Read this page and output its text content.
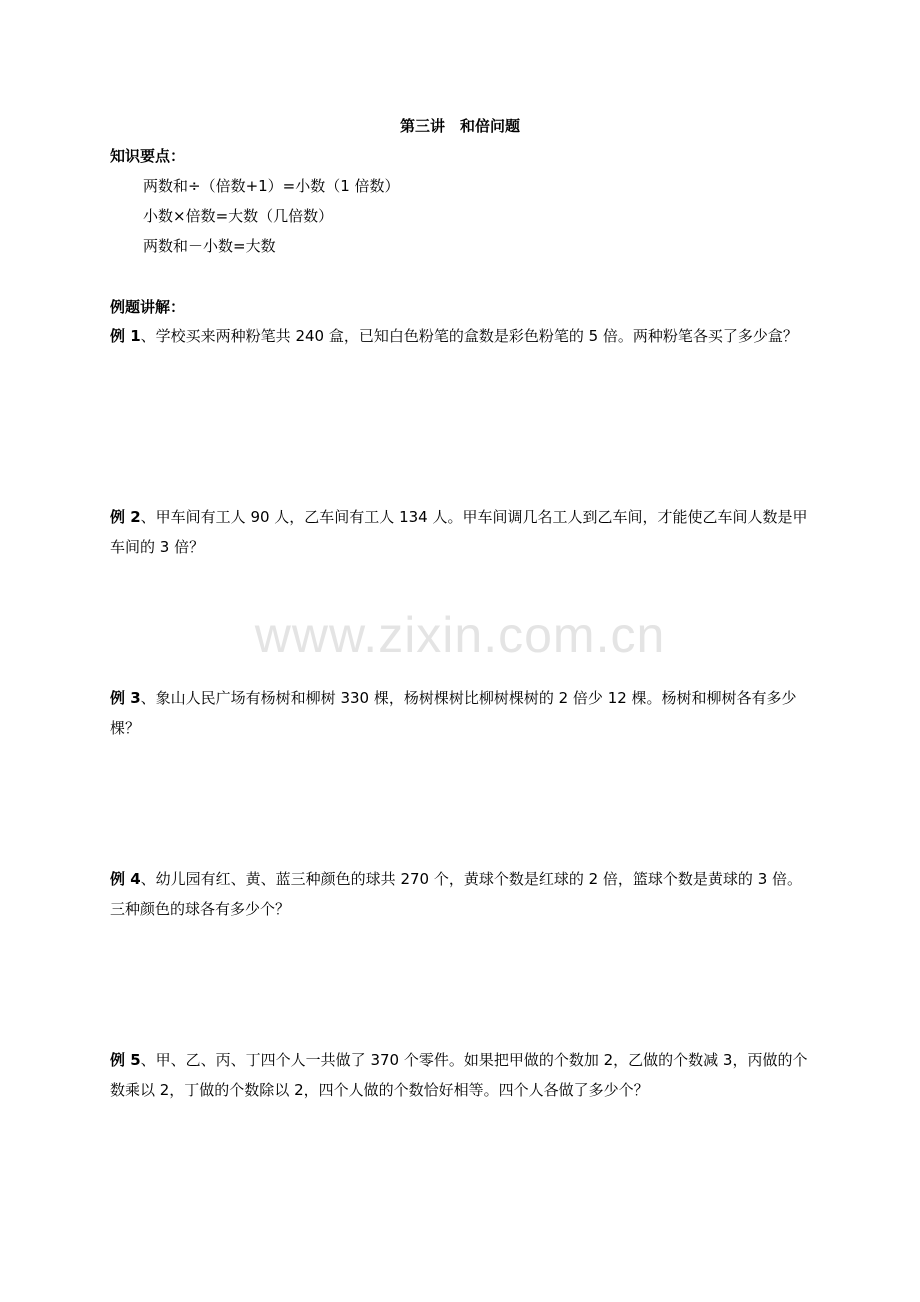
第三讲　和倍问题
知识要点：
两数和÷（倍数+1）=小数（1 倍数）
小数×倍数=大数（几倍数）
两数和－小数=大数
例题讲解：
例 1、学校买来两种粉笔共 240 盒，已知白色粉笔的盒数是彩色粉笔的 5 倍。两种粉笔各买了多少盒？
例 2、甲车间有工人 90 人，乙车间有工人 134 人。甲车间调几名工人到乙车间，才能使乙车间人数是甲车间的 3 倍？
www.zixin.com.cn
例 3、象山人民广场有杨树和柳树 330 棵，杨树棵树比柳树棵树的 2 倍少 12 棵。杨树和柳树各有多少棵？
例 4、幼儿园有红、黄、蓝三种颜色的球共 270 个，黄球个数是红球的 2 倍，篮球个数是黄球的 3 倍。三种颜色的球各有多少个？
例 5、甲、乙、丙、丁四个人一共做了 370 个零件。如果把甲做的个数加 2，乙做的个数减 3，丙做的个数乘以 2，丁做的个数除以 2，四个人做的个数恰好相等。四个人各做了多少个？
